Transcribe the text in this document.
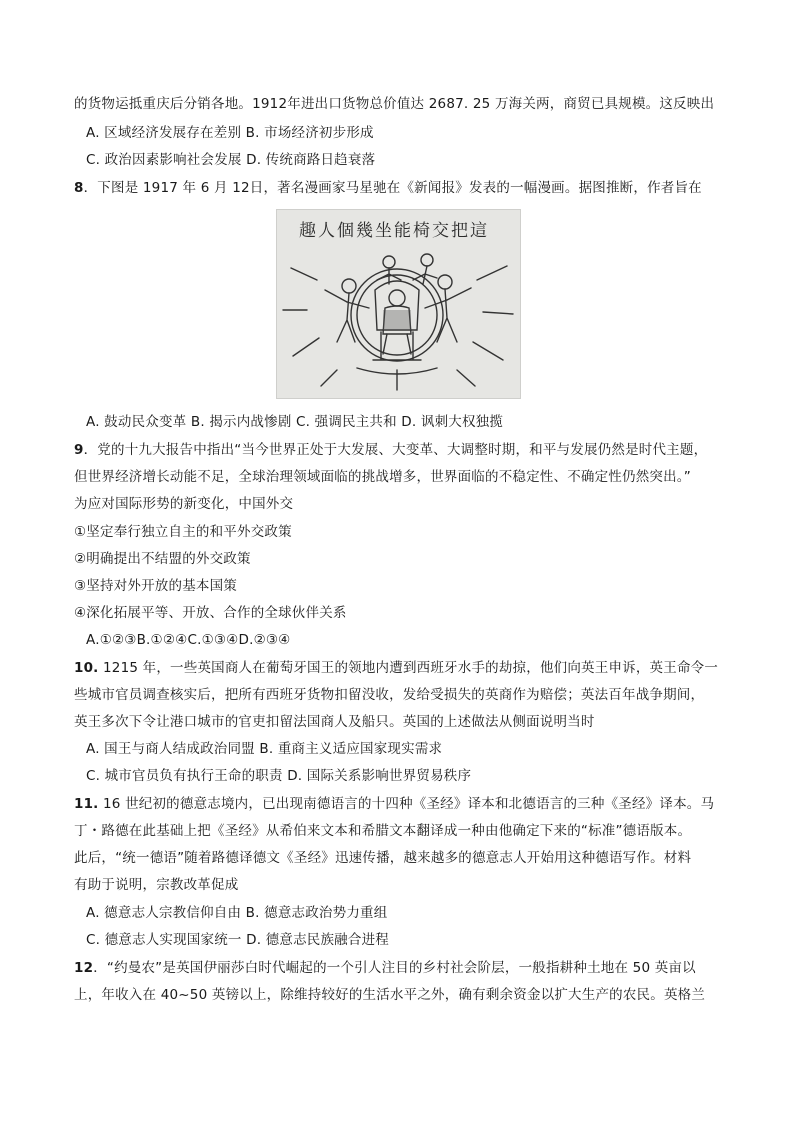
的货物运抵重庆后分销各地。1912年进出口货物总价值达 2687. 25 万海关两，商贸已具规模。这反映出
A. 区域经济发展存在差别 B. 市场经济初步形成
C. 政治因素影响社会发展 D. 传统商路日趋衰落
8．下图是 1917 年 6 月 12日，著名漫画家马星驰在《新闻报》发表的一幅漫画。据图推断，作者旨在
趣人個幾坐能椅交把這
A. 鼓动民众变革 B. 揭示内战惨剧 C. 强调民主共和 D. 讽刺大权独揽
9．党的十九大报告中指出“当今世界正处于大发展、大变革、大调整时期，和平与发展仍然是时代主题，
但世界经济增长动能不足，全球治理领域面临的挑战增多，世界面临的不稳定性、不确定性仍然突出。”
为应对国际形势的新变化，中国外交
①坚定奉行独立自主的和平外交政策
②明确提出不结盟的外交政策
③坚持对外开放的基本国策
④深化拓展平等、开放、合作的全球伙伴关系
A.①②③B.①②④C.①③④D.②③④
10. 1215 年，一些英国商人在葡萄牙国王的领地内遭到西班牙水手的劫掠，他们向英王申诉，英王命令一
些城市官员调查核实后，把所有西班牙货物扣留没收，发给受损失的英商作为赔偿；英法百年战争期间，
英王多次下令让港口城市的官吏扣留法国商人及船只。英国的上述做法从侧面说明当时
A. 国王与商人结成政治同盟 B. 重商主义适应国家现实需求
C. 城市官员负有执行王命的职责 D. 国际关系影响世界贸易秩序
11. 16 世纪初的德意志境内，已出现南德语言的十四种《圣经》译本和北德语言的三种《圣经》译本。马
丁・路德在此基础上把《圣经》从希伯来文本和希腊文本翻译成一种由他确定下来的“标准”德语版本。
此后，“统一德语”随着路德译德文《圣经》迅速传播，越来越多的德意志人开始用这种德语写作。材料
有助于说明，宗教改革促成
A. 德意志人宗教信仰自由 B. 德意志政治势力重组
C. 德意志人实现国家统一 D. 德意志民族融合进程
12．“约曼农”是英国伊丽莎白时代崛起的一个引人注目的乡村社会阶层，一般指耕种土地在 50 英亩以
上，年收入在 40~50 英镑以上，除维持较好的生活水平之外，确有剩余资金以扩大生产的农民。英格兰
